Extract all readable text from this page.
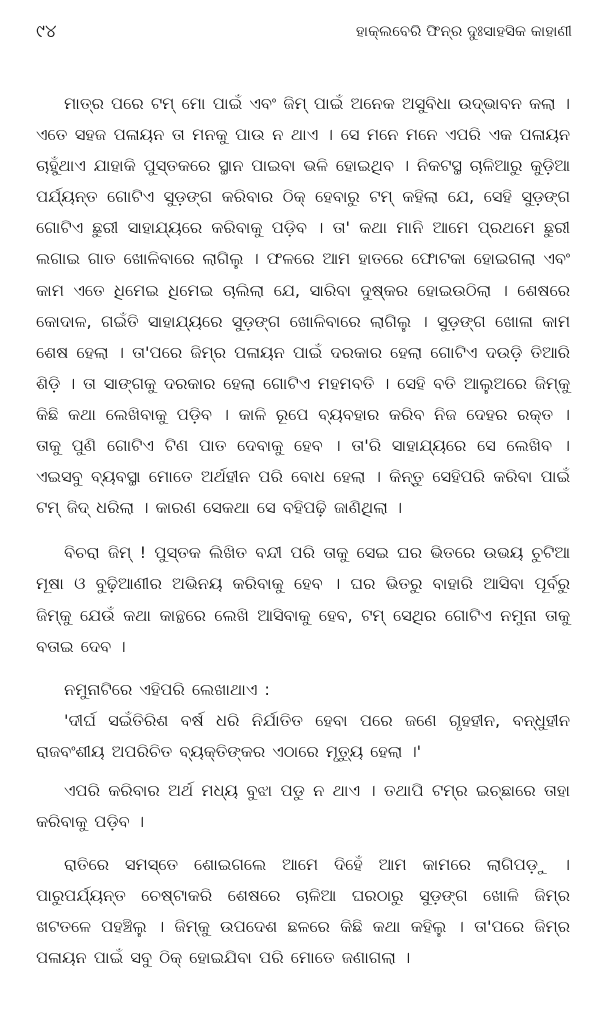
୯୪	ହାକ୍‌ଲବେରି ଫିନ୍‌ର ଦୁଃସାହସିକ କାହାଣୀ

ମାତ୍ର ପରେ ଟମ୍ ମୋ ପାଇଁ ଏବଂ ଜିମ୍ ପାଇଁ ଅନେକ ଅସୁବିଧା ଉଦ୍ଭାବନ କଲା । ଏତେ ସହଜ ପଳାୟନ ତା ମନକୁ ପାଉ ନ ଥାଏ । ସେ ମନେ ମନେ ଏପରି ଏକ ପଳାୟନ ଚାହୁଁଥାଏ ଯାହାକି ପୁସ୍ତକରେ ସ୍ଥାନ ପାଇବା ଭଳି ହୋଇଥିବ । ନିକଟସ୍ଥ ଚାଳିଆରୁ କୁଡ଼ିଆ ପର୍ଯ୍ୟନ୍ତ ଗୋଟିଏ ସୁଡ଼ଙ୍ଗ କରିବାର ଠିକ୍ ହେବାରୁ ଟମ୍ କହିଲା ଯେ, ସେହି ସୁଡ଼ଙ୍ଗ ଗୋଟିଏ ଛୁରୀ ସାହାଯ୍ୟରେ କରିବାକୁ ପଡ଼ିବ । ତା' କଥା ମାନି ଆମେ ପ୍ରଥମେ ଛୁରୀ ଲଗାଇ ଗାତ ଖୋଳିବାରେ ଲାଗିଲୁ । ଫଳରେ ଆମ ହାତରେ ଫୋଟକା ହୋଇଗଲା ଏବଂ କାମ ଏତେ ଧିମେଇ ଧିମେଇ ଚାଲିଲା ଯେ, ସାରିବା ଦୁଷ୍କର ହୋଇଉଠିଲା । ଶେଷରେ କୋଦାଳ, ଗଇଁତି ସାହାଯ୍ୟରେ ସୁଡ଼ଙ୍ଗ ଖୋଳିବାରେ ଲାଗିଲୁ । ସୁଡ଼ଙ୍ଗ ଖୋଳା କାମ ଶେଷ ହେଲା । ତା'ପରେ ଜିମ୍‌ର ପଳାୟନ ପାଇଁ ଦରକାର ହେଲା ଗୋଟିଏ ଦଉଡ଼ି ତିଆରି ଶିଡ଼ି । ତା ସାଙ୍ଗକୁ ଦରକାର ହେଲା ଗୋଟିଏ ମହମବତି । ସେହି ବତି ଆଲୁଅରେ ଜିମ୍‌କୁ କିଛି କଥା ଲେଖିବାକୁ ପଡ଼ିବ । କାଳି ରୂପେ ବ୍ୟବହାର କରିବ ନିଜ ଦେହର ରକ୍ତ । ତାକୁ ପୁଣି ଗୋଟିଏ ଟିଣ ପାତ ଦେବାକୁ ହେବ । ତା'ରି ସାହାଯ୍ୟରେ ସେ ଲେଖିବ । ଏଇସବୁ ବ୍ୟବସ୍ଥା ମୋତେ ଅର୍ଥହୀନ ପରି ବୋଧ ହେଲା । କିନ୍ତୁ ସେହିପରି କରିବା ପାଇଁ ଟମ୍ ଜିଦ୍ ଧରିଲା । କାରଣ ସେକଥା ସେ ବହିପଢ଼ି ଜାଣିଥିଲା ।

ବିଚରା ଜିମ୍ ! ପୁସ୍ତକ ଲିଖିତ ବନ୍ଦୀ ପରି ତାକୁ ସେଇ ଘର ଭିତରେ ଉଭୟ ଚୁଟିଆ ମୂଷା ଓ ବୁଢ଼ିଆଣୀର ଅଭିନୟ କରିବାକୁ ହେବ । ଘର ଭିତରୁ ବାହାରି ଆସିବା ପୂର୍ବରୁ ଜିମ୍‌କୁ ଯେଉଁ କଥା କାନ୍ଥରେ ଲେଖି ଆସିବାକୁ ହେବ, ଟମ୍ ସେଥିର ଗୋଟିଏ ନମୁନା ତାକୁ ବତାଇ ଦେବ ।

ନମୁନାଟିରେ ଏହିପରି ଲେଖାଥାଏ :

'ଦୀର୍ଘ ସଇଁତିରିଶ ବର୍ଷ ଧରି ନିର୍ଯାତିତ ହେବା ପରେ ଜଣେ ଗୃହହୀନ, ବନ୍ଧୁହୀନ ରାଜବଂଶୀୟ ଅପରିଚିତ ବ୍ୟକ୍ତିଙ୍କର ଏଠାରେ ମୃତ୍ୟୁ ହେଲା ।'

ଏପରି କରିବାର ଅର୍ଥ ମଧ୍ୟ ବୁଝା ପଡୁ ନ ଥାଏ । ତଥାପି ଟମ୍‌ର ଇଚ୍ଛାରେ ତାହା କରିବାକୁ ପଡ଼ିବ ।

ରାତିରେ ସମସ୍ତେ ଶୋଇଗଲେ ଆମେ ଦିହେଁ ଆମ କାମରେ ଲାଗିପଡ଼ୁ । ପାରୁପର୍ଯ୍ୟନ୍ତ ଚେଷ୍ଟାକରି ଶେଷରେ ଚାଳିଆ ଘରଠାରୁ ସୁଡ଼ଙ୍ଗ ଖୋଳି ଜିମ୍‌ର ଖଟତଳେ ପହଞ୍ଚିଲୁ । ଜିମ୍‌କୁ ଉପଦେଶ ଛଳରେ କିଛି କଥା କହିଲୁ । ତା'ପରେ ଜିମ୍‌ର ପଳାୟନ ପାଇଁ ସବୁ ଠିକ୍ ହୋଇଯିବା ପରି ମୋତେ ଜଣାଗଲା ।
